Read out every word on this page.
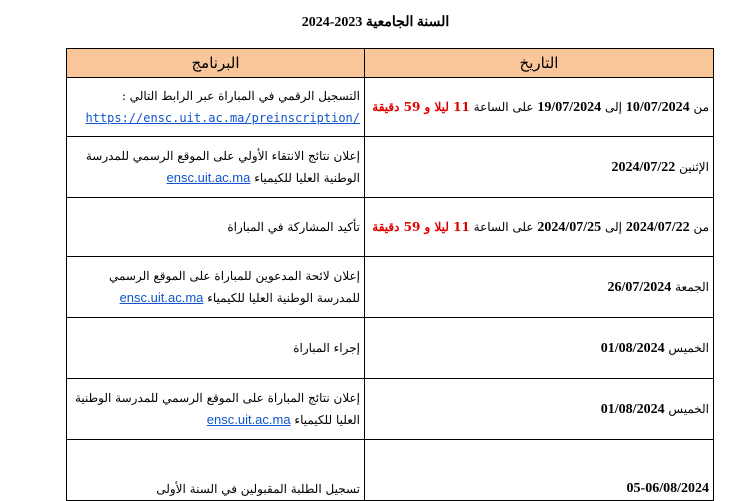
السنة الجامعية 2023-2024
التاريخ	البرنامج
من 10/07/2024 إلى 19/07/2024 على الساعة 11 ليلا و 59 دقيقة	التسجيل الرقمي في المباراة عبر الرابط التالي :
https://ensc.uit.ac.ma/preinscription/

الإثنين 2024/07/22	إعلان نتائج الانتقاء الأولي على الموقع الرسمي للمدرسة الوطنية العليا للكيمياء ensc.uit.ac.ma
من 2024/07/22 إلى 2024/07/25 على الساعة 11 ليلا و 59 دقيقة	تأكيد المشاركة في المباراة
الجمعة 26/07/2024	إعلان لائحة المدعوين للمباراة على الموقع الرسمي للمدرسة الوطنية العليا للكيمياء ensc.uit.ac.ma
الخميس 01/08/2024	إجراء المباراة
الخميس 01/08/2024	إعلان نتائج المباراة على الموقع الرسمي للمدرسة الوطنية العليا للكيمياء ensc.uit.ac.ma
05-06/08/2024	تسجيل الطلبة المقبولين في السنة الأولى
